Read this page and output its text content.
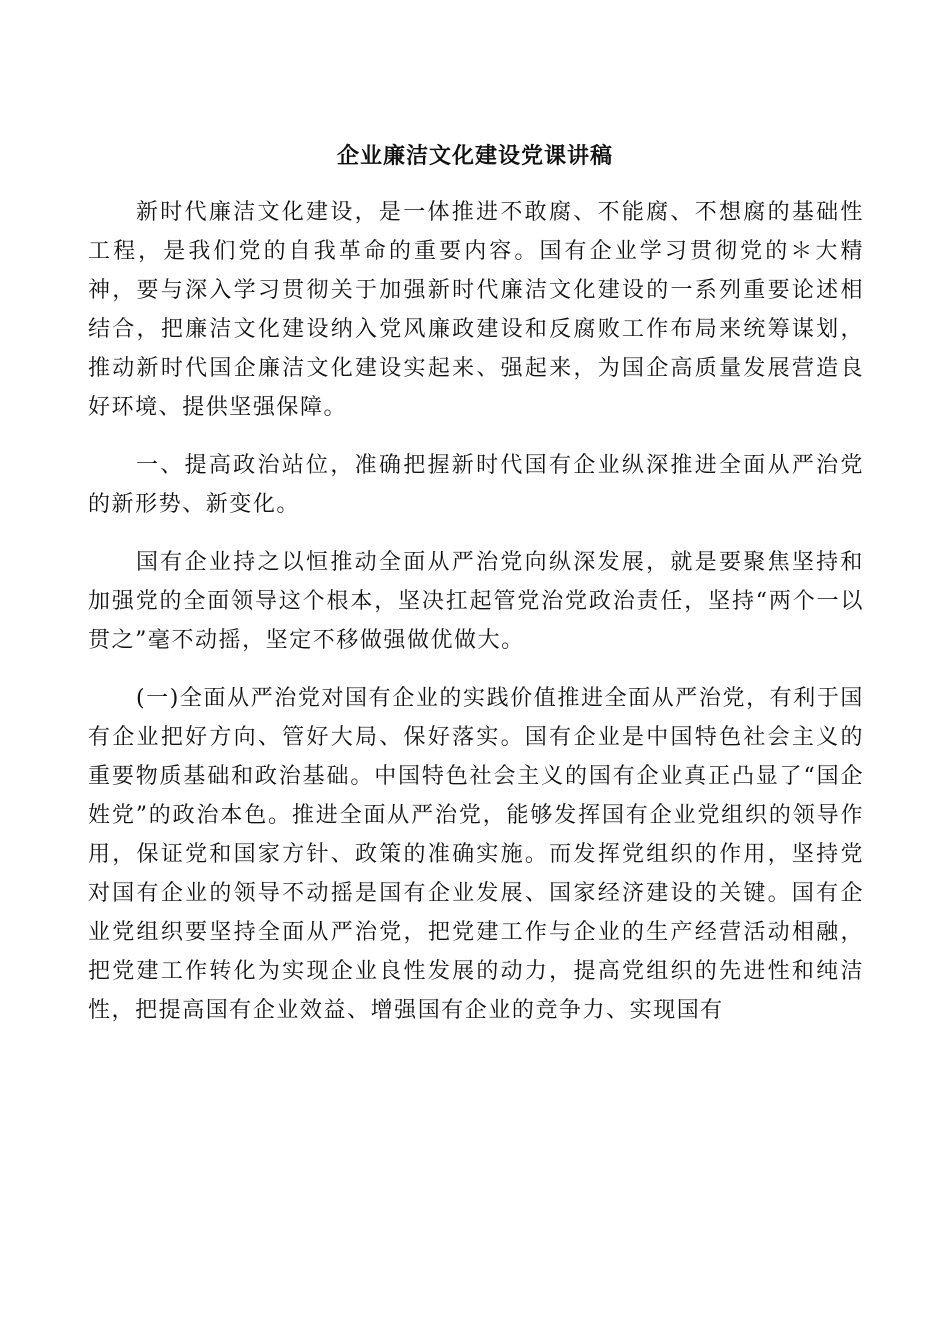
企业廉洁文化建设党课讲稿

新时代廉洁文化建设，是一体推进不敢腐、不能腐、不想腐的基础性工程，是我们党的自我革命的重要内容。国有企业学习贯彻党的＊大精神，要与深入学习贯彻关于加强新时代廉洁文化建设的一系列重要论述相结合，把廉洁文化建设纳入党风廉政建设和反腐败工作布局来统筹谋划，推动新时代国企廉洁文化建设实起来、强起来，为国企高质量发展营造良好环境、提供坚强保障。

一、提高政治站位，准确把握新时代国有企业纵深推进全面从严治党的新形势、新变化。

国有企业持之以恒推动全面从严治党向纵深发展，就是要聚焦坚持和加强党的全面领导这个根本，坚决扛起管党治党政治责任，坚持“两个一以贯之”毫不动摇，坚定不移做强做优做大。

(一)全面从严治党对国有企业的实践价值推进全面从严治党，有利于国有企业把好方向、管好大局、保好落实。国有企业是中国特色社会主义的重要物质基础和政治基础。中国特色社会主义的国有企业真正凸显了“国企姓党”的政治本色。推进全面从严治党，能够发挥国有企业党组织的领导作用，保证党和国家方针、政策的准确实施。而发挥党组织的作用，坚持党对国有企业的领导不动摇是国有企业发展、国家经济建设的关键。国有企业党组织要坚持全面从严治党，把党建工作与企业的生产经营活动相融，把党建工作转化为实现企业良性发展的动力，提高党组织的先进性和纯洁性，把提高国有企业效益、增强国有企业的竞争力、实现国有
